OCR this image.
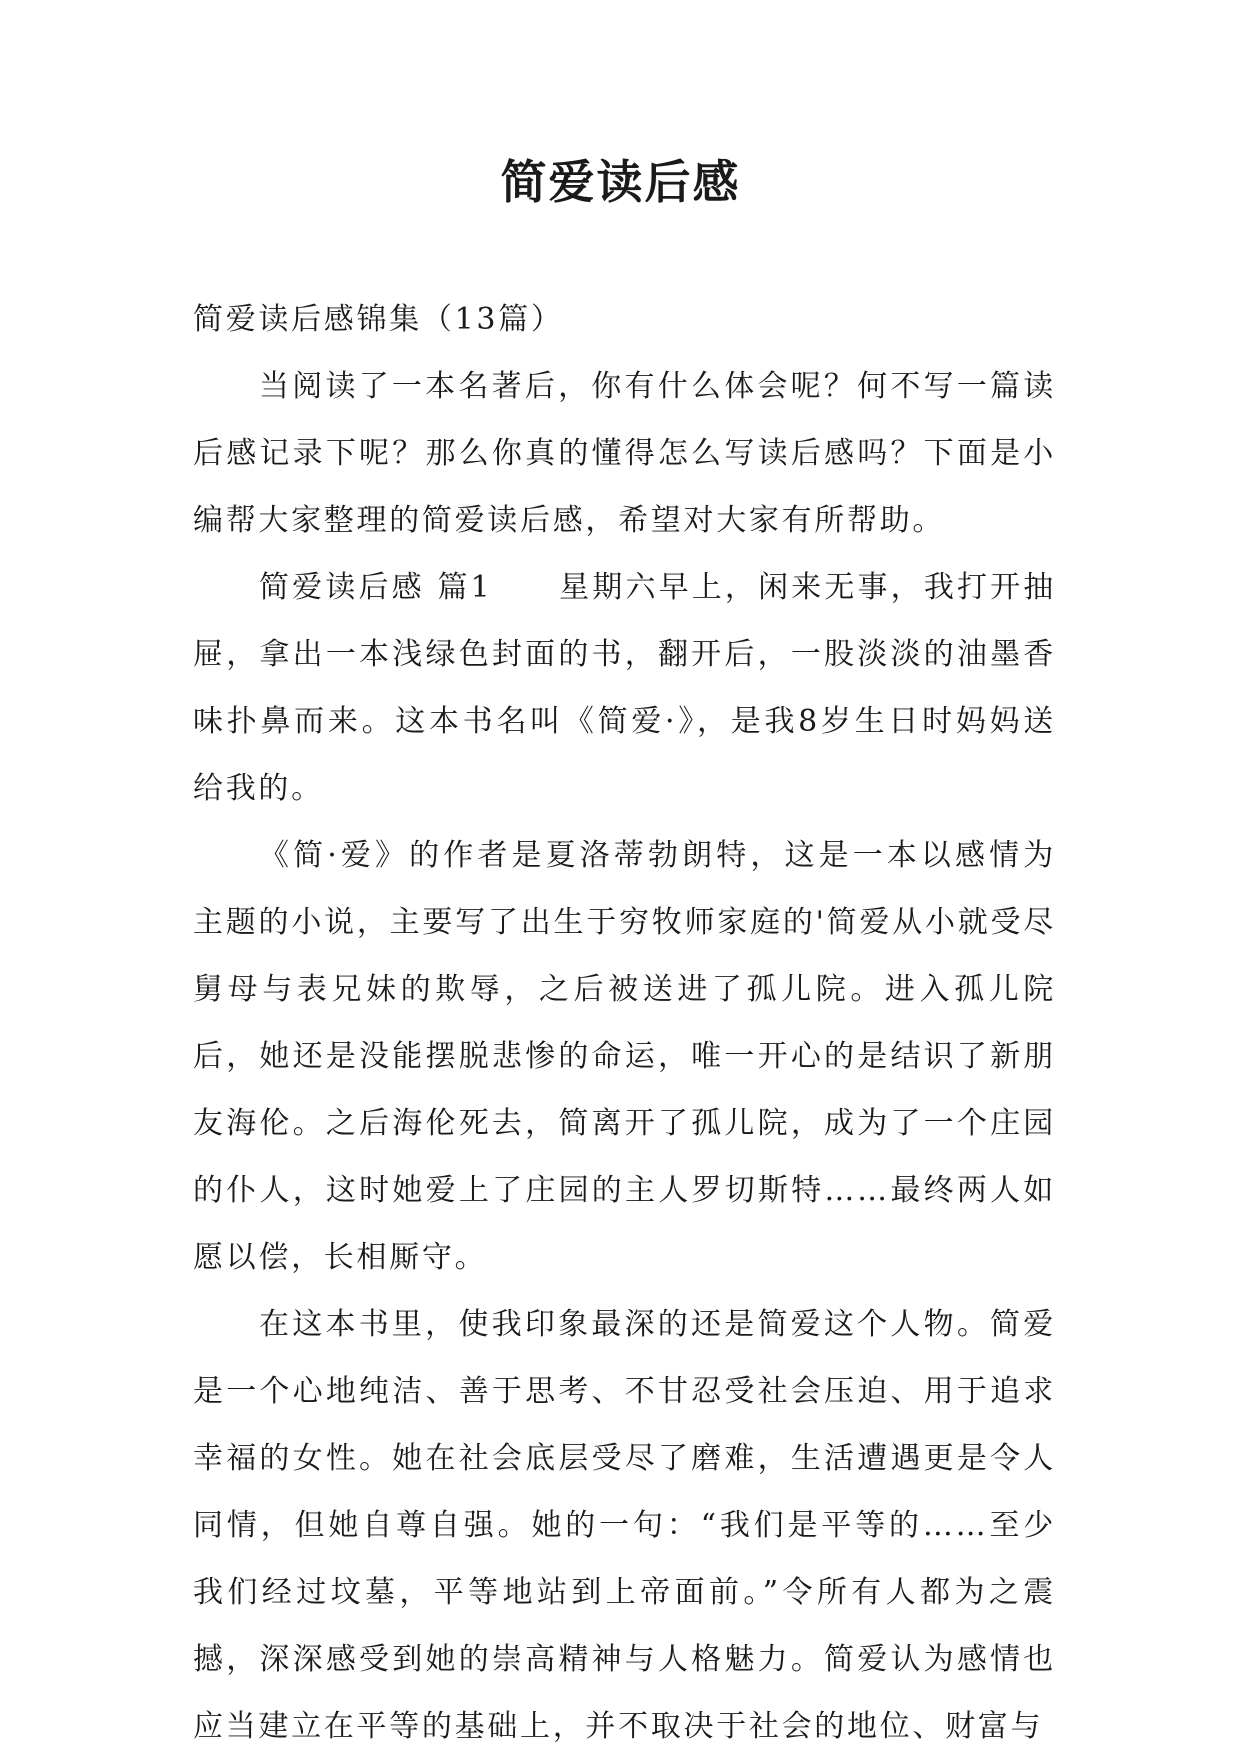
简爱读后感

简爱读后感锦集（13篇）

当阅读了一本名著后，你有什么体会呢？何不写一篇读后感记录下呢？那么你真的懂得怎么写读后感吗？下面是小编帮大家整理的简爱读后感，希望对大家有所帮助。

简爱读后感 篇1　　星期六早上，闲来无事，我打开抽屉，拿出一本浅绿色封面的书，翻开后，一股淡淡的油墨香味扑鼻而来。这本书名叫《简爱·》，是我8岁生日时妈妈送给我的。

《简·爱》的作者是夏洛蒂勃朗特，这是一本以感情为主题的小说，主要写了出生于穷牧师家庭的'简爱从小就受尽舅母与表兄妹的欺辱，之后被送进了孤儿院。进入孤儿院后，她还是没能摆脱悲惨的命运，唯一开心的是结识了新朋友海伦。之后海伦死去，简离开了孤儿院，成为了一个庄园的仆人，这时她爱上了庄园的主人罗切斯特……最终两人如愿以偿，长相厮守。

在这本书里，使我印象最深的还是简爱这个人物。简爱是一个心地纯洁、善于思考、不甘忍受社会压迫、用于追求幸福的女性。她在社会底层受尽了磨难，生活遭遇更是令人同情，但她自尊自强。她的一句：“我们是平等的……至少我们经过坟墓，平等地站到上帝面前。”令所有人都为之震撼，深深感受到她的崇高精神与人格魅力。简爱认为感情也应当建立在平等的基础上，并不取决于社会的地位、财富与
